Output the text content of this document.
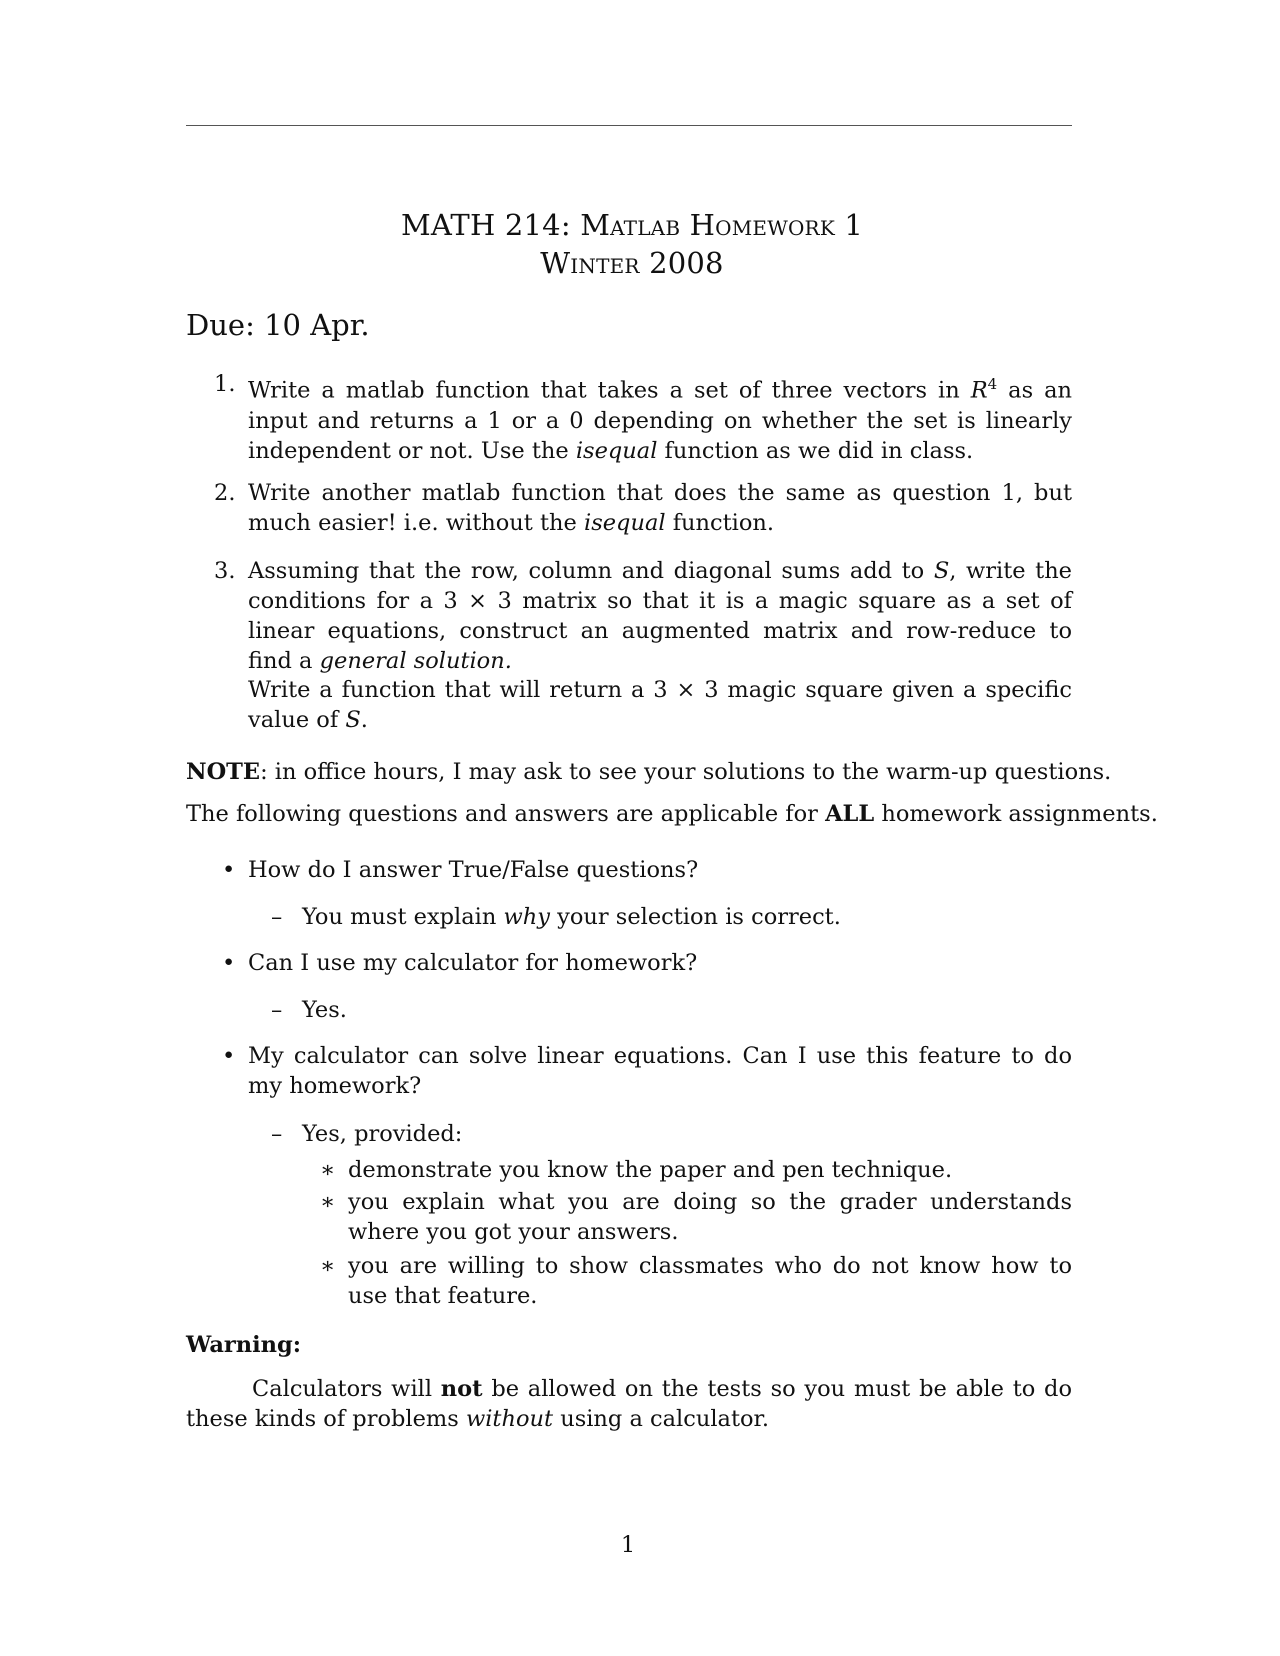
MATH 214: Matlab Homework 1
Winter 2008
Due: 10 Apr.
1. Write a matlab function that takes a set of three vectors in $R^4$ as an input and returns a 1 or a 0 depending on whether the set is linearly independent or not. Use the isequal function as we did in class.
2. Write another matlab function that does the same as question 1, but much easier! i.e. without the isequal function.
3. Assuming that the row, column and diagonal sums add to S, write the conditions for a 3 × 3 matrix so that it is a magic square as a set of linear equations, construct an augmented matrix and row-reduce to find a general solution.
Write a function that will return a 3 × 3 magic square given a specific value of S.
NOTE: in office hours, I may ask to see your solutions to the warm-up questions.
The following questions and answers are applicable for ALL homework assignments.
• How do I answer True/False questions?
– You must explain why your selection is correct.
• Can I use my calculator for homework?
– Yes.
• My calculator can solve linear equations. Can I use this feature to do my homework?
– Yes, provided:
∗ demonstrate you know the paper and pen technique.
∗ you explain what you are doing so the grader understands where you got your answers.
∗ you are willing to show classmates who do not know how to use that feature.
Warning:
Calculators will not be allowed on the tests so you must be able to do these kinds of problems without using a calculator.
1
